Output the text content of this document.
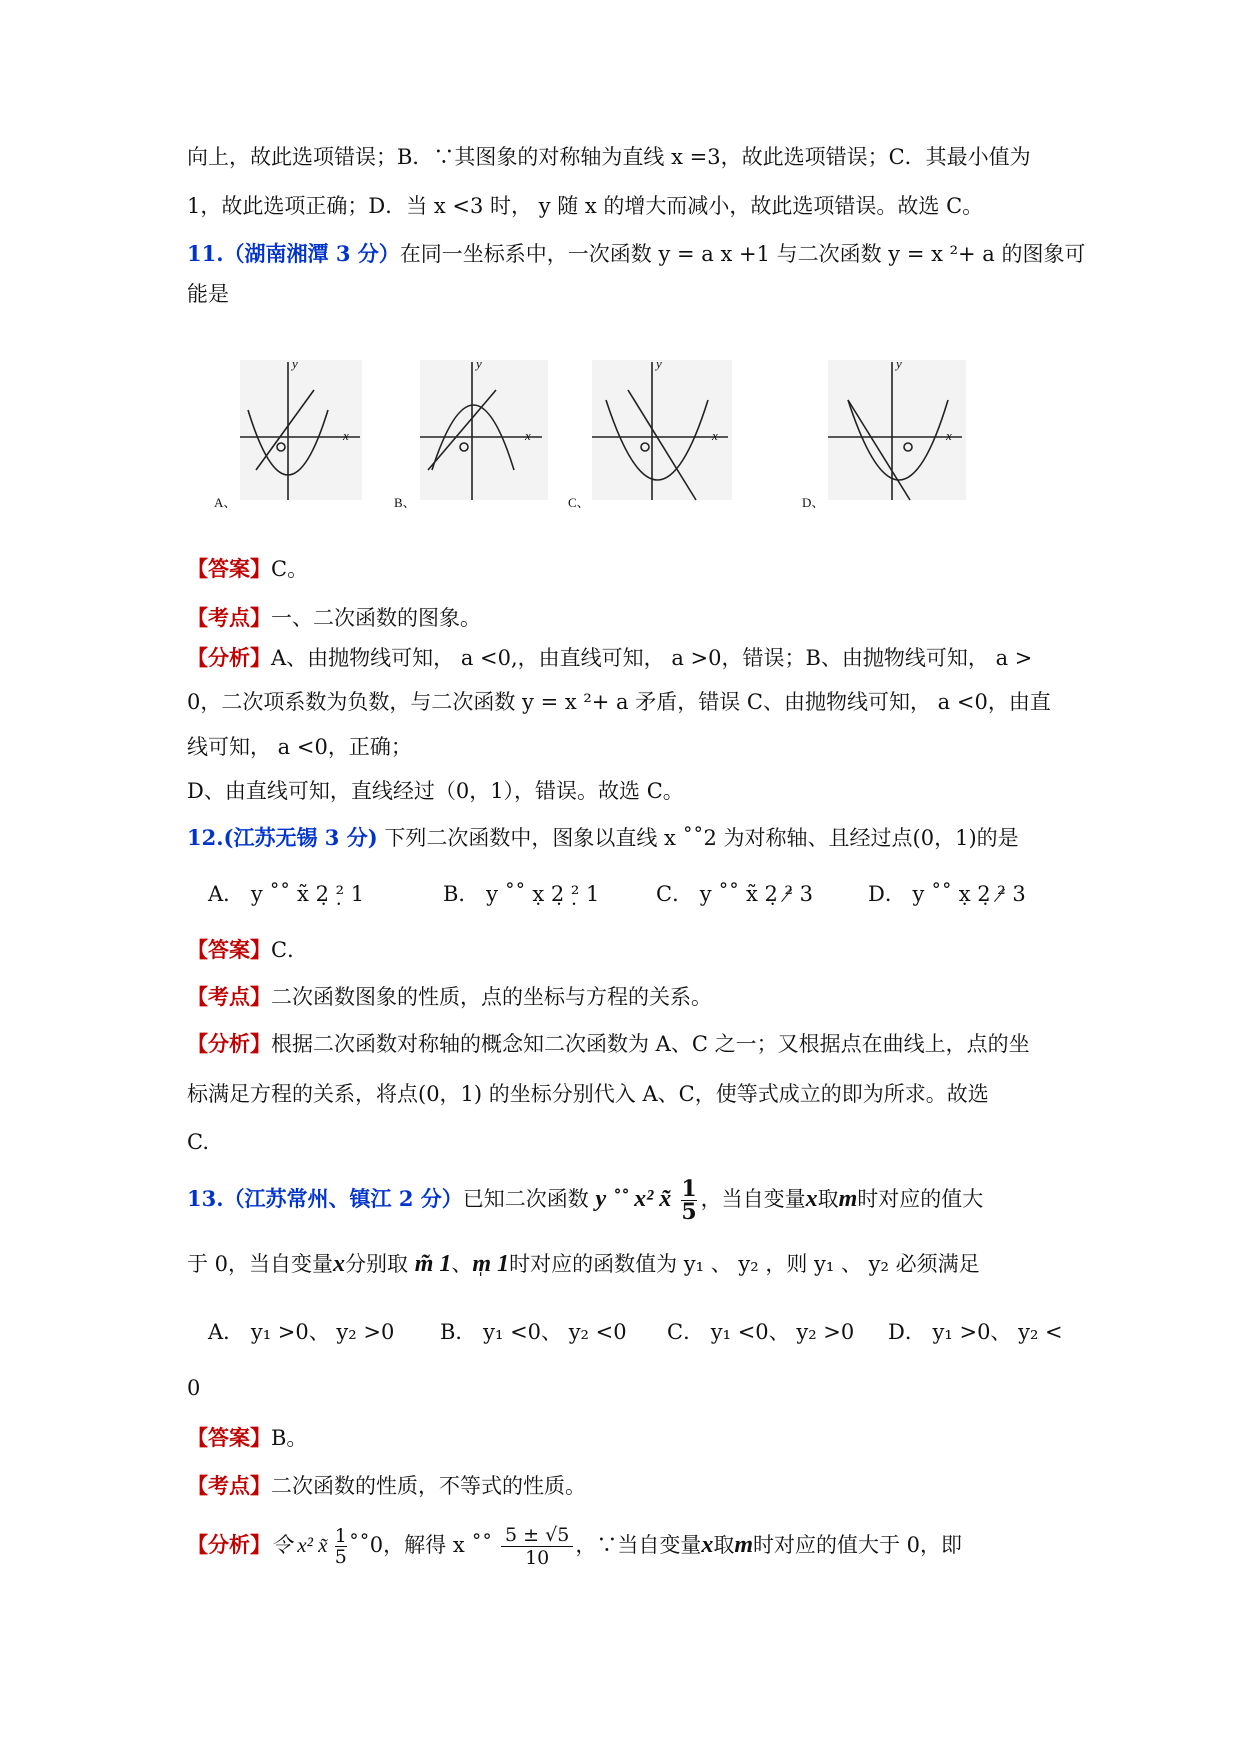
向上，故此选项错误；B．∵其图象的对称轴为直线 x =3，故此选项错误；C．其最小值为
1，故此选项正确；D．当 x <3 时， y 随 x 的增大而减小，故此选项错误。故选 C。
11.（湖南湘潭 3 分）在同一坐标系中，一次函数 y = a x +1 与二次函数 y = x ²+ a 的图象可
能是
A、
x
y
B、
x
y
C、
x
y
D、
x
y
【答案】C。
【考点】一、二次函数的图象。
【分析】A、由抛物线可知， a <0,，由直线可知， a >0，错误；B、由抛物线可知， a >
0，二次项系数为负数，与二次函数 y = x ²+ a 矛盾，错误 C、由抛物线可知， a <0，由直
线可知， a <0，正确；
D、由直线可知，直线经过（0，1），错误。故选 C。
12.(江苏无锡 3 分) 下列二次函数中，图象以直线 x ˚˚2 为对称轴、且经过点(0，1)的是
A． y ˚˚ x̃ 2̣ ²̣ 1	B． y ˚˚ x̣ 2̣ ²̣ 1	C． y ˚˚ x̃ 2̣ ²̷ 3	D． y ˚˚ x̣ 2̣ ²̷ 3
【答案】C．
【考点】二次函数图象的性质，点的坐标与方程的关系。
【分析】根据二次函数对称轴的概念知二次函数为 A、C 之一；又根据点在曲线上，点的坐
标满足方程的关系，将点(0，1) 的坐标分别代入 A、C，使等式成立的即为所求。故选
C.
13.（江苏常州、镇江 2 分）已知二次函数 y ˚˚ x² x̃ $\frac{1}{5}$ ，当自变量x取m时对应的值大
于 0，当自变量x分别取 m̃ 1、m̩ 1时对应的函数值为 y₁ 、 y₂ ，则 y₁ 、 y₂ 必须满足
A． y₁ >0、 y₂ >0 B． y₁ <0、 y₂ <0 C． y₁ <0、 y₂ >0 D． y₁ >0、 y₂ <
0
【答案】B。
【考点】二次函数的性质，不等式的性质。
【分析】令 x² x̃ $\frac{1}{5}$ ˚˚0，解得 x ˚˚ $\frac{5 \pm √5}{10}$ ，∵当自变量x取m时对应的值大于 0，即
